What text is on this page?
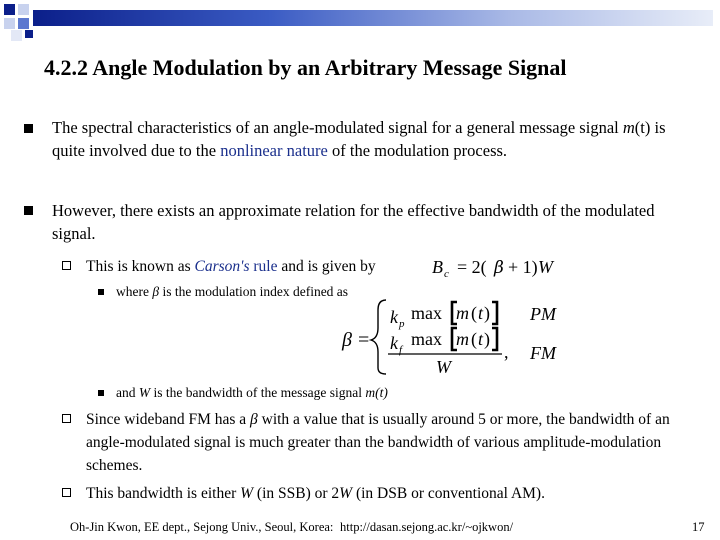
4.2.2 Angle Modulation by an Arbitrary Message Signal
The spectral characteristics of an angle-modulated signal for a general message signal m(t) is quite involved due to the nonlinear nature of the modulation process.
However, there exists an approximate relation for the effective bandwidth of the modulated signal.
This is known as Carson's rule and is given by	B c = 2( β + 1) W
where β is the modulation index defined as
β =
k p
max m ( t ) PM
k f
max m ( t )
W
, FM
and W is the bandwidth of the message signal m(t)
Since wideband FM has a β with a value that is usually around 5 or more, the bandwidth of an angle-modulated signal is much greater than the bandwidth of various amplitude-modulation schemes.
This bandwidth is either W (in SSB) or 2W (in DSB or conventional AM).
Oh-Jin Kwon, EE dept., Sejong Univ., Seoul, Korea: http://dasan.sejong.ac.kr/~ojkwon/	17
